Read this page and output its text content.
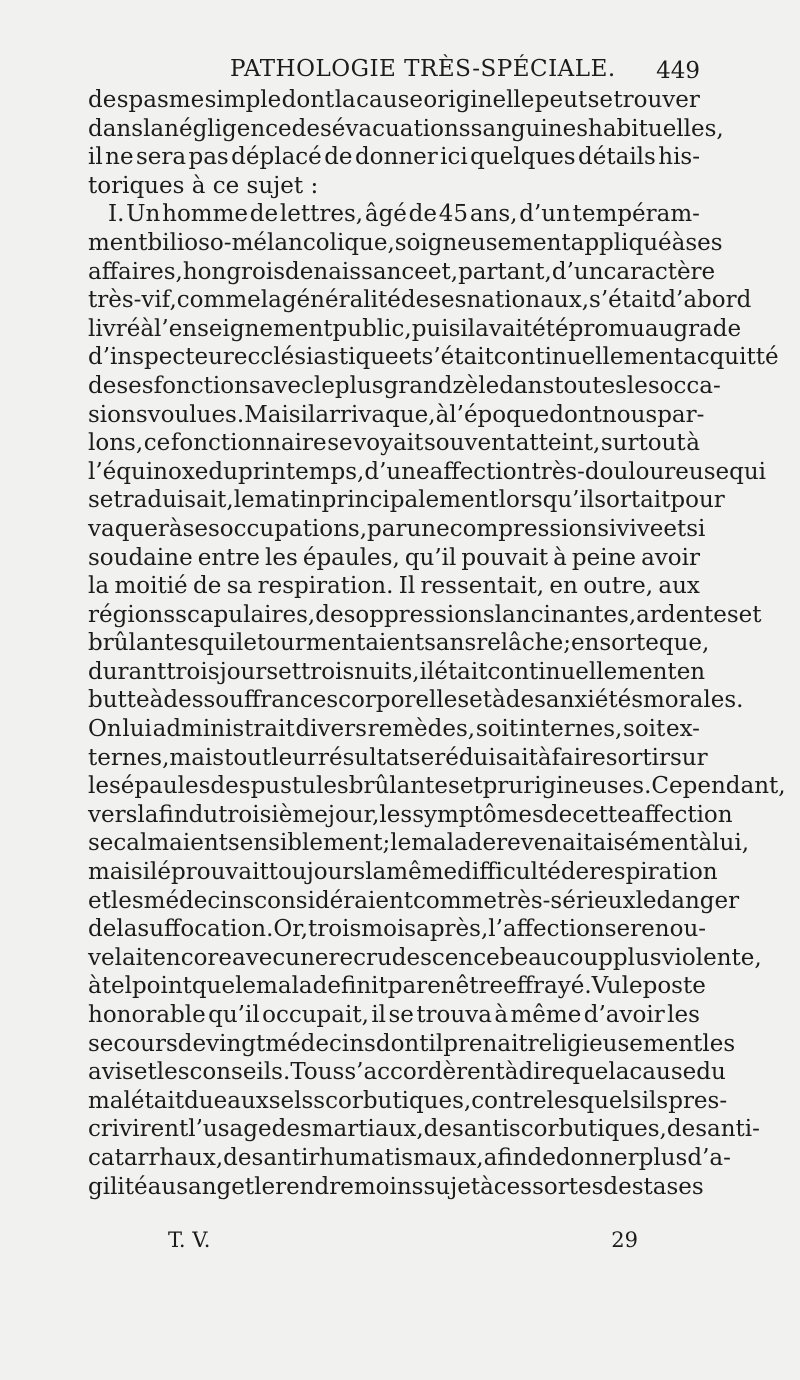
PATHOLOGIE TRÈS-SPÉCIALE. 449
de spasme simple dont la cause originelle peut se trouver
dans la négligence des évacuations sanguines habituelles,
il ne sera pas déplacé de donner ici quelques détails his-
toriques à ce sujet :
I. Un homme de lettres, âgé de 45 ans, d’un tempéram-
ment bilioso - mélancolique, soigneusement appliqué à ses
affaires, hongrois de naissance et, partant, d’un caractère
très-vif, comme la généralité de ses nationaux, s’était d’abord
livré à l’enseignement public, puis il avait été promu au grade
d’inspecteur ecclésiastique et s’était continuellement acquitté
de ses fonctions avec le plus grand zèle dans toutes les occa-
sions voulues. Mais il arriva que, à l’époque dont nous par-
lons, ce fonctionnaire se voyait souvent atteint, surtout à
l’équinoxe du printemps, d’une affection très-douloureuse qui
se traduisait, le matin principalement lorsqu’il sortait pour
vaquer à ses occupations, par une compression si vive et si
soudaine entre les épaules, qu’il pouvait à peine avoir
la moitié de sa respiration. Il ressentait, en outre, aux
régions scapulaires, des oppressions lancinantes, ardentes et
brûlantes qui le tourmentaient sans relâche ; en sorte que,
durant trois jours et trois nuits, il était continuellement en
butte à des souffrances corporelles et à des anxiétés morales.
On lui administrait divers remèdes, soit internes, soit ex-
ternes, mais tout leur résultat se réduisait à faire sortir sur
les épaules des pustules brûlantes et prurigineuses. Cependant,
vers la fin du troisième jour, les symptômes de cette affection
se calmaient sensiblement ; le malade revenait aisément à lui,
mais il éprouvait toujours la même difficulté de respiration
et les médecins considéraient comme très-sérieux le danger
de la suffocation. Or, trois mois après, l’affection se renou-
velait encore avec une recrudescence beaucoup plus violente,
à tel point que le malade finit par en être effrayé. Vu le poste
honorable qu’il occupait, il se trouva à même d’avoir les
secours de vingt médecins dont il prenait religieusement les
avis et les conseils. Tous s’accordèrent à dire que la cause du
mal était due aux sels scorbutiques, contre lesquels ils pres-
crivirent l’usage des martiaux, des antiscorbutiques, des anti-
catarrhaux, des antirhumatismaux, afin de donner plus d’a-
gilité au sang et le rendre moins sujet à ces sortes de stases
T. V.	29
